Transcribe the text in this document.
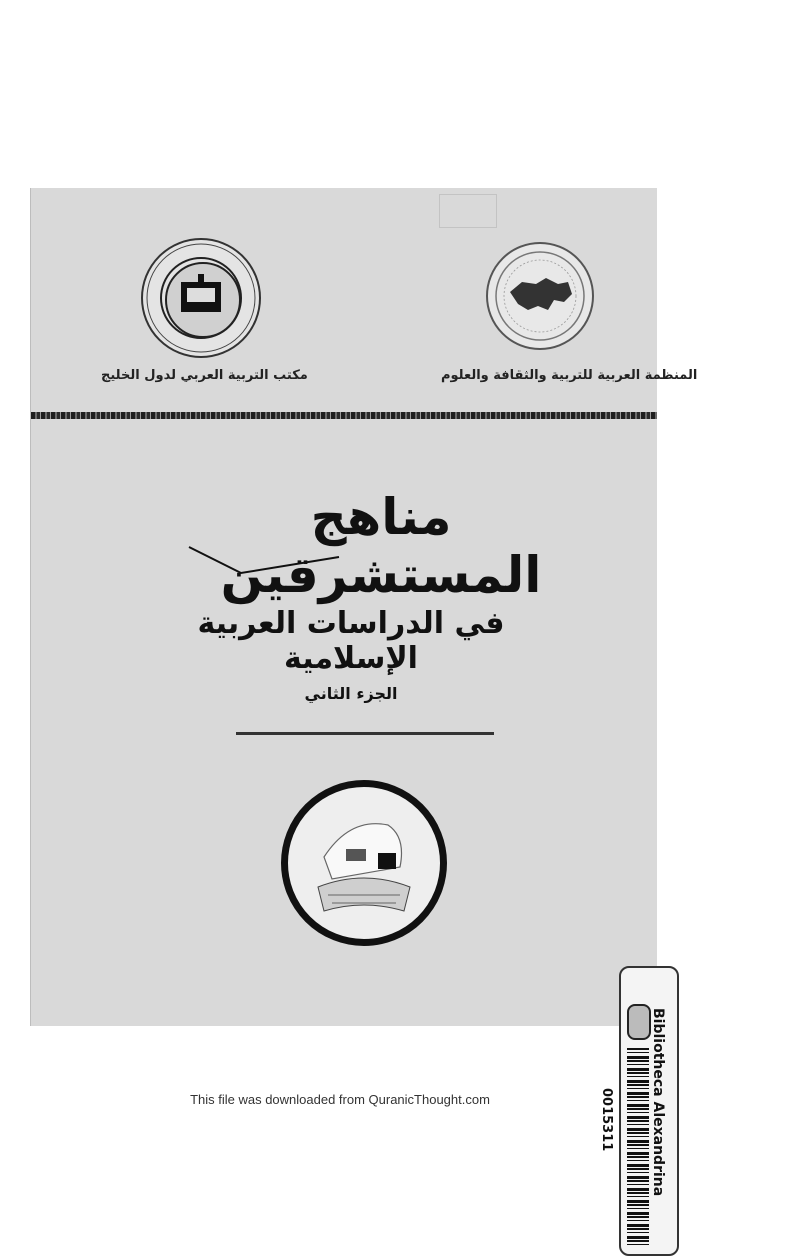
المنظمة العربية للتربية والثقافة والعلوم
مكتب التربية العربي لدول الخليج
مناهج المستشرقين
في الدراسات العربية الإسلامية
الجزء الثاني
Bibliotheca Alexandrina
0015311
This file was downloaded from QuranicThought.com
